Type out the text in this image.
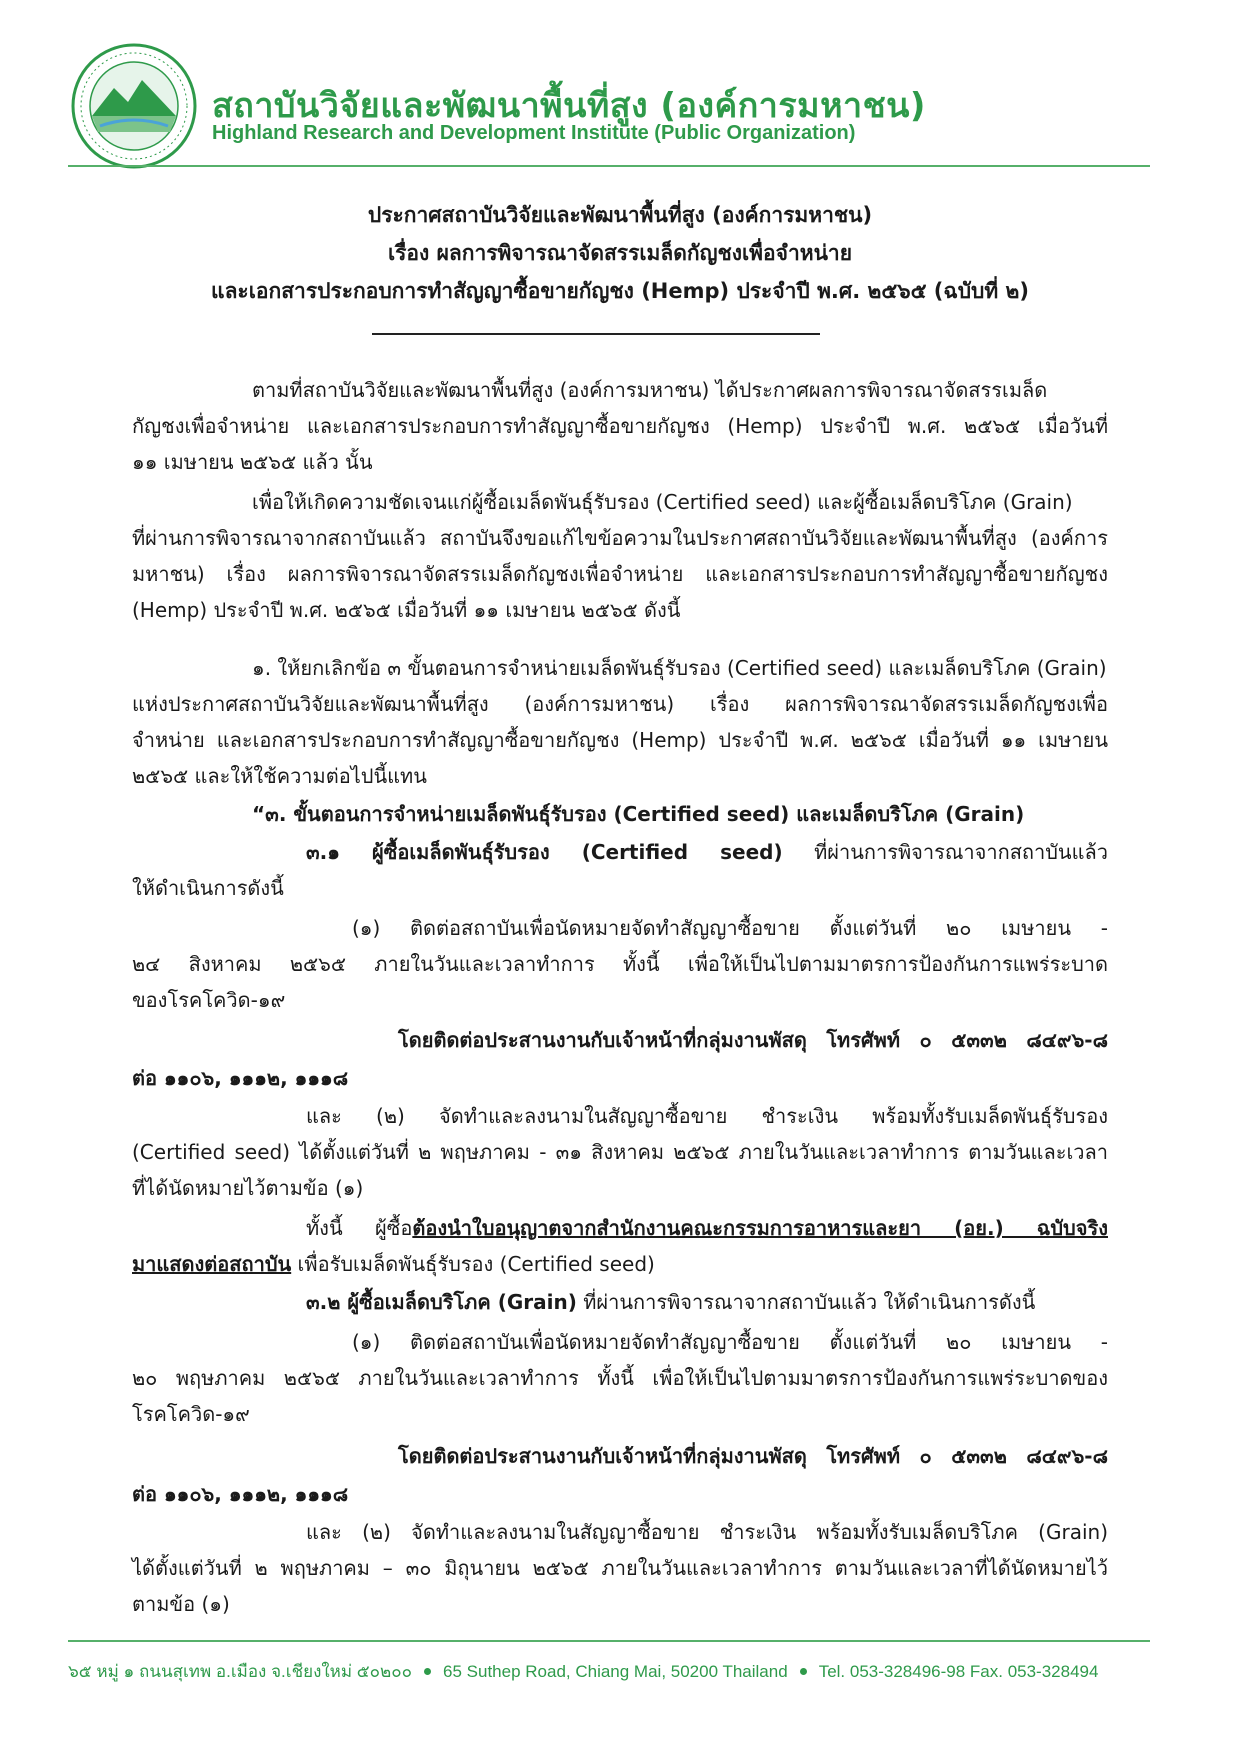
สถาบันวิจัยและพัฒนาพื้นที่สูง (องค์การมหาชน)
Highland Research and Development Institute (Public Organization)
ประกาศสถาบันวิจัยและพัฒนาพื้นที่สูง (องค์การมหาชน)
เรื่อง ผลการพิจารณาจัดสรรเมล็ดกัญชงเพื่อจำหน่าย
และเอกสารประกอบการทำสัญญาซื้อขายกัญชง (Hemp) ประจำปี พ.ศ. ๒๕๖๕ (ฉบับที่ ๒)
ตามที่สถาบันวิจัยและพัฒนาพื้นที่สูง (องค์การมหาชน) ได้ประกาศผลการพิจารณาจัดสรรเมล็ด
กัญชงเพื่อจำหน่าย และเอกสารประกอบการทำสัญญาซื้อขายกัญชง (Hemp) ประจำปี พ.ศ. ๒๕๖๕ เมื่อวันที่
๑๑ เมษายน ๒๕๖๕ แล้ว นั้น
เพื่อให้เกิดความชัดเจนแก่ผู้ซื้อเมล็ดพันธุ์รับรอง (Certified seed) และผู้ซื้อเมล็ดบริโภค (Grain)
ที่ผ่านการพิจารณาจากสถาบันแล้ว สถาบันจึงขอแก้ไขข้อความในประกาศสถาบันวิจัยและพัฒนาพื้นที่สูง (องค์การ
มหาชน) เรื่อง ผลการพิจารณาจัดสรรเมล็ดกัญชงเพื่อจำหน่าย และเอกสารประกอบการทำสัญญาซื้อขายกัญชง
(Hemp) ประจำปี พ.ศ. ๒๕๖๕ เมื่อวันที่ ๑๑ เมษายน ๒๕๖๕ ดังนี้
๑. ให้ยกเลิกข้อ ๓ ขั้นตอนการจำหน่ายเมล็ดพันธุ์รับรอง (Certified seed) และเมล็ดบริโภค (Grain)
แห่งประกาศสถาบันวิจัยและพัฒนาพื้นที่สูง (องค์การมหาชน) เรื่อง ผลการพิจารณาจัดสรรเมล็ดกัญชงเพื่อ
จำหน่าย และเอกสารประกอบการทำสัญญาซื้อขายกัญชง (Hemp) ประจำปี พ.ศ. ๒๕๖๕ เมื่อวันที่ ๑๑ เมษายน
๒๕๖๕ และให้ใช้ความต่อไปนี้แทน
“๓. ขั้นตอนการจำหน่ายเมล็ดพันธุ์รับรอง (Certified seed) และเมล็ดบริโภค (Grain)
๓.๑ ผู้ซื้อเมล็ดพันธุ์รับรอง (Certified seed) ที่ผ่านการพิจารณาจากสถาบันแล้ว
ให้ดำเนินการดังนี้
(๑) ติดต่อสถาบันเพื่อนัดหมายจัดทำสัญญาซื้อขาย ตั้งแต่วันที่ ๒๐ เมษายน -
๒๔ สิงหาคม ๒๕๖๕ ภายในวันและเวลาทำการ ทั้งนี้ เพื่อให้เป็นไปตามมาตรการป้องกันการแพร่ระบาด
ของโรคโควิด-๑๙
โดยติดต่อประสานงานกับเจ้าหน้าที่กลุ่มงานพัสดุ โทรศัพท์ ๐ ๕๓๓๒ ๘๔๙๖-๘
ต่อ ๑๑๐๖, ๑๑๑๒, ๑๑๑๘
และ (๒) จัดทำและลงนามในสัญญาซื้อขาย ชำระเงิน พร้อมทั้งรับเมล็ดพันธุ์รับรอง
(Certified seed) ได้ตั้งแต่วันที่ ๒ พฤษภาคม - ๓๑ สิงหาคม ๒๕๖๕ ภายในวันและเวลาทำการ ตามวันและเวลา
ที่ได้นัดหมายไว้ตามข้อ (๑)
ทั้งนี้ ผู้ซื้อต้องนำใบอนุญาตจากสำนักงานคณะกรรมการอาหารและยา (อย.) ฉบับจริง
มาแสดงต่อสถาบัน เพื่อรับเมล็ดพันธุ์รับรอง (Certified seed)
๓.๒ ผู้ซื้อเมล็ดบริโภค (Grain) ที่ผ่านการพิจารณาจากสถาบันแล้ว ให้ดำเนินการดังนี้
(๑) ติดต่อสถาบันเพื่อนัดหมายจัดทำสัญญาซื้อขาย ตั้งแต่วันที่ ๒๐ เมษายน -
๒๐ พฤษภาคม ๒๕๖๕ ภายในวันและเวลาทำการ ทั้งนี้ เพื่อให้เป็นไปตามมาตรการป้องกันการแพร่ระบาดของ
โรคโควิด-๑๙
โดยติดต่อประสานงานกับเจ้าหน้าที่กลุ่มงานพัสดุ โทรศัพท์ ๐ ๕๓๓๒ ๘๔๙๖-๘
ต่อ ๑๑๐๖, ๑๑๑๒, ๑๑๑๘
และ (๒) จัดทำและลงนามในสัญญาซื้อขาย ชำระเงิน พร้อมทั้งรับเมล็ดบริโภค (Grain)
ได้ตั้งแต่วันที่ ๒ พฤษภาคม – ๓๐ มิถุนายน ๒๕๖๕ ภายในวันและเวลาทำการ ตามวันและเวลาที่ได้นัดหมายไว้
ตามข้อ (๑)
๖๕ หมู่ ๑ ถนนสุเทพ อ.เมือง จ.เชียงใหม่ ๕๐๒๐๐ 65 Suthep Road, Chiang Mai, 50200 Thailand Tel. 053-328496-98 Fax. 053-328494
